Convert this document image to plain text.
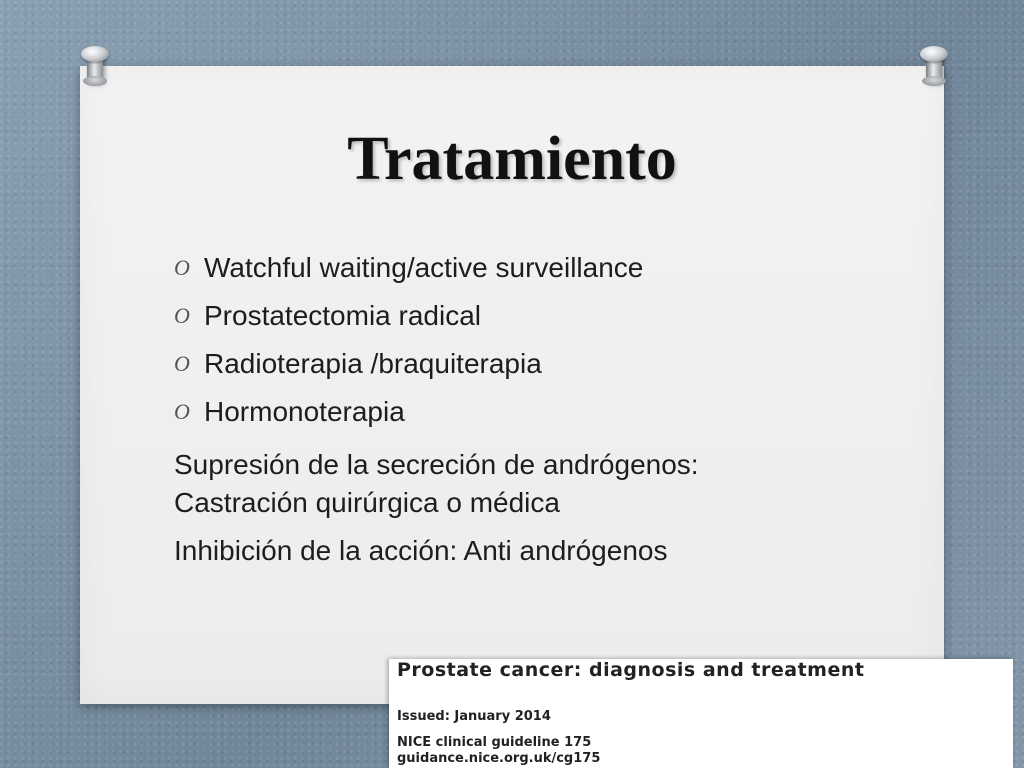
Tratamiento
O Watchful waiting/active surveillance
O Prostatectomia radical
O Radioterapia /braquiterapia
O Hormonoterapia

Supresión de la secreción de andrógenos:
Castración quirúrgica o médica

Inhibición de la acción: Anti andrógenos

Prostate cancer: diagnosis and treatment

Issued: January 2014
NICE clinical guideline 175
guidance.nice.org.uk/cg175
